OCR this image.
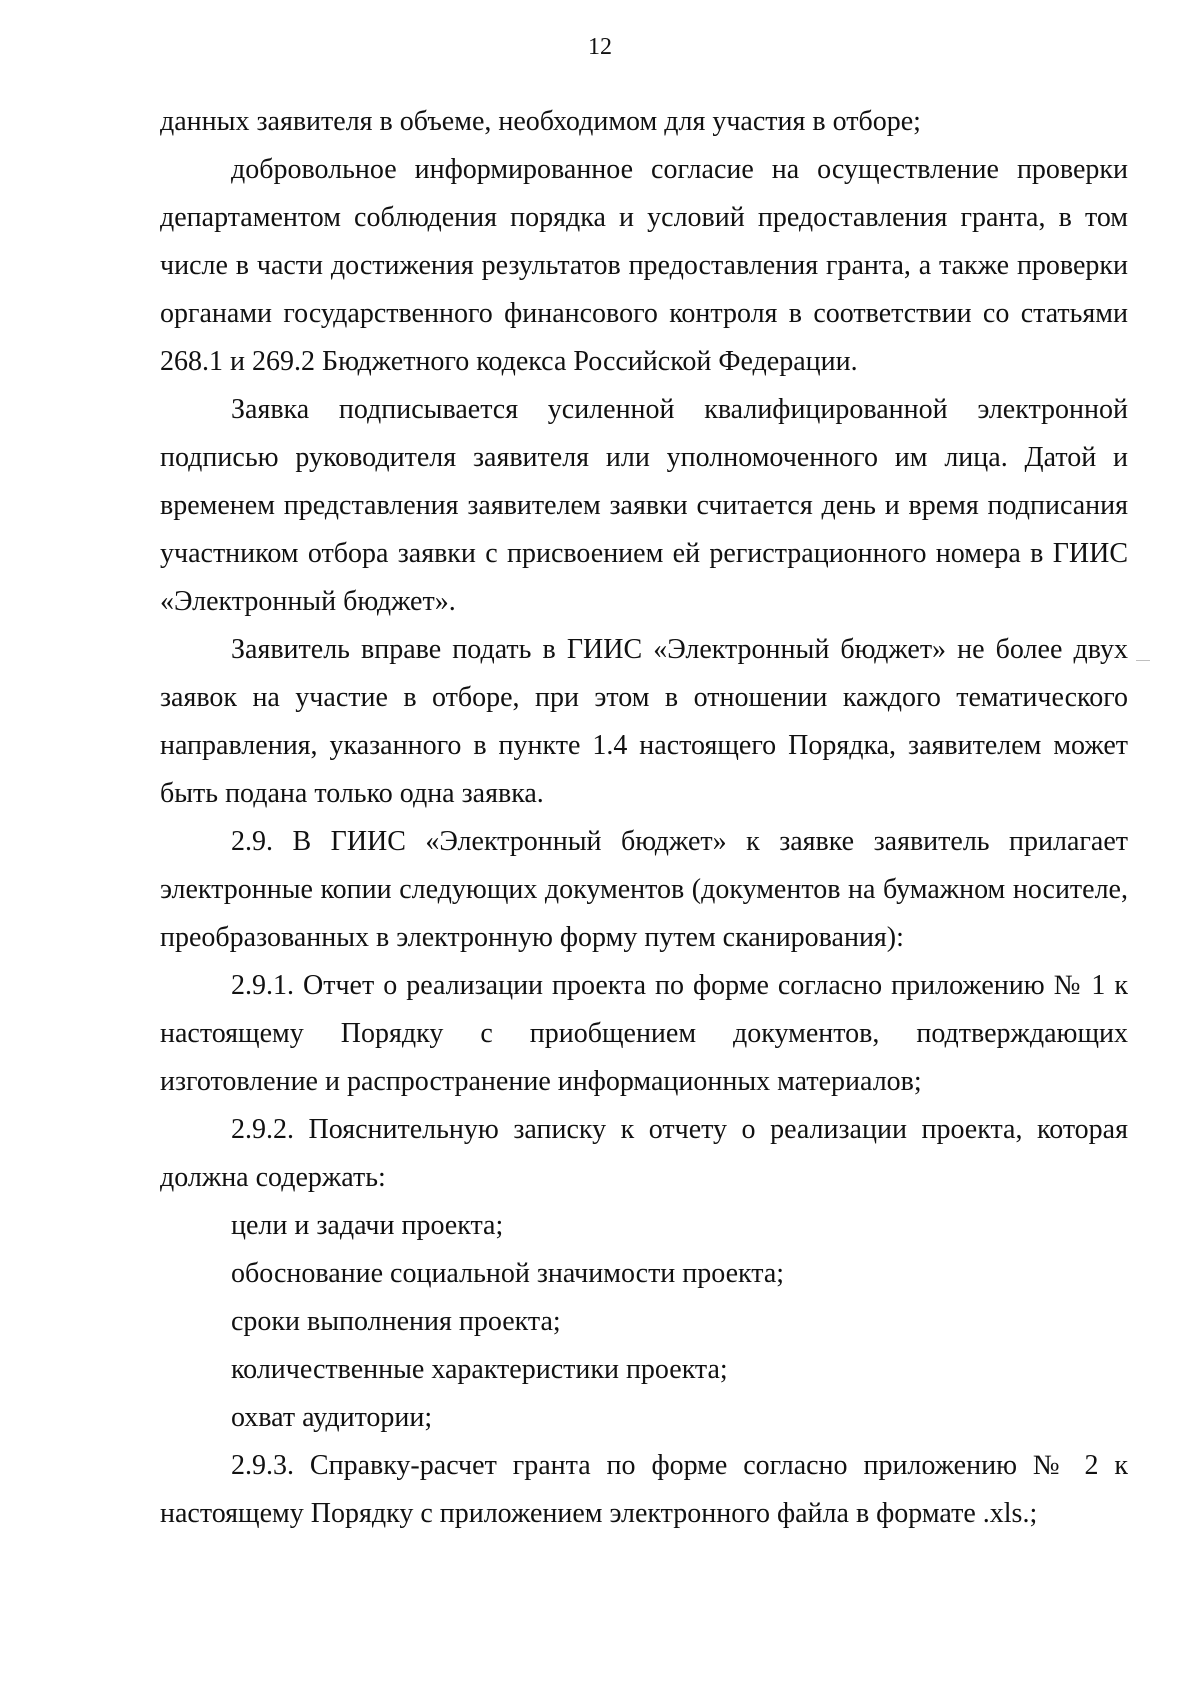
12

данных заявителя в объеме, необходимом для участия в отборе;

добровольное информированное согласие на осуществление проверки департаментом соблюдения порядка и условий предоставления гранта, в том числе в части достижения результатов предоставления гранта, а также проверки органами государственного финансового контроля в соответствии со статьями 268.1 и 269.2 Бюджетного кодекса Российской Федерации.

Заявка подписывается усиленной квалифицированной электронной подписью руководителя заявителя или уполномоченного им лица. Датой и временем представления заявителем заявки считается день и время подписания участником отбора заявки с присвоением ей регистрационного номера в ГИИС «Электронный бюджет».

Заявитель вправе подать в ГИИС «Электронный бюджет» не более двух заявок на участие в отборе, при этом в отношении каждого тематического направления, указанного в пункте 1.4 настоящего Порядка, заявителем может быть подана только одна заявка.

2.9. В ГИИС «Электронный бюджет» к заявке заявитель прилагает электронные копии следующих документов (документов на бумажном носителе, преобразованных в электронную форму путем сканирования):

2.9.1. Отчет о реализации проекта по форме согласно приложению № 1 к настоящему Порядку с приобщением документов, подтверждающих изготовление и распространение информационных материалов;

2.9.2. Пояснительную записку к отчету о реализации проекта, которая должна содержать:

цели и задачи проекта;

обоснование социальной значимости проекта;

сроки выполнения проекта;

количественные характеристики проекта;

охват аудитории;

2.9.3. Справку-расчет гранта по форме согласно приложению № 2 к настоящему Порядку с приложением электронного файла в формате .xls.;
